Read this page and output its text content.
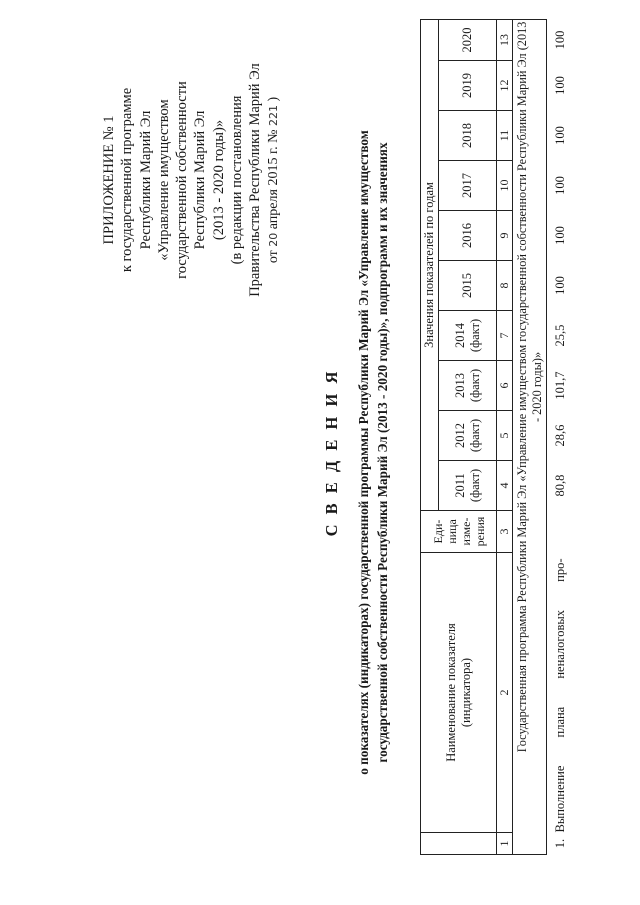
ПРИЛОЖЕНИЕ № 1 к государственной программе Республики Марий Эл «Управление имуществом государственной собственности Республики Марий Эл (2013 - 2020 годы)» (в редакции постановления Правительства Республики Марий Эл от 20 апреля 2015 г. № 221 )
С В Е Д Е Н И Я о показателях (индикаторах) государственной программы Республики Марий Эл «Управление имуществом государственной собственности Республики Марий Эл (2013 - 2020 годы)», подпрограмм и их значениях
		Наименование показателя (индикатора)	Еди-ница изме-рения	Значения показателей по годам									
			2011 (факт)	2012 (факт)	2013 (факт)	2014 (факт)	2015	2016	2017	2018	2019	2020
1	2	3	4	5	6	7	8	9	10	11	12	13
Государственная программа Республики Марий Эл «Управление имуществом государственной собственности Республики Марий Эл (2013 - 2020 годы)»												
1.	Выполнение плана неналоговых про-		80,8	28,6	101,7	25,5	100	100	100	100	100	100
